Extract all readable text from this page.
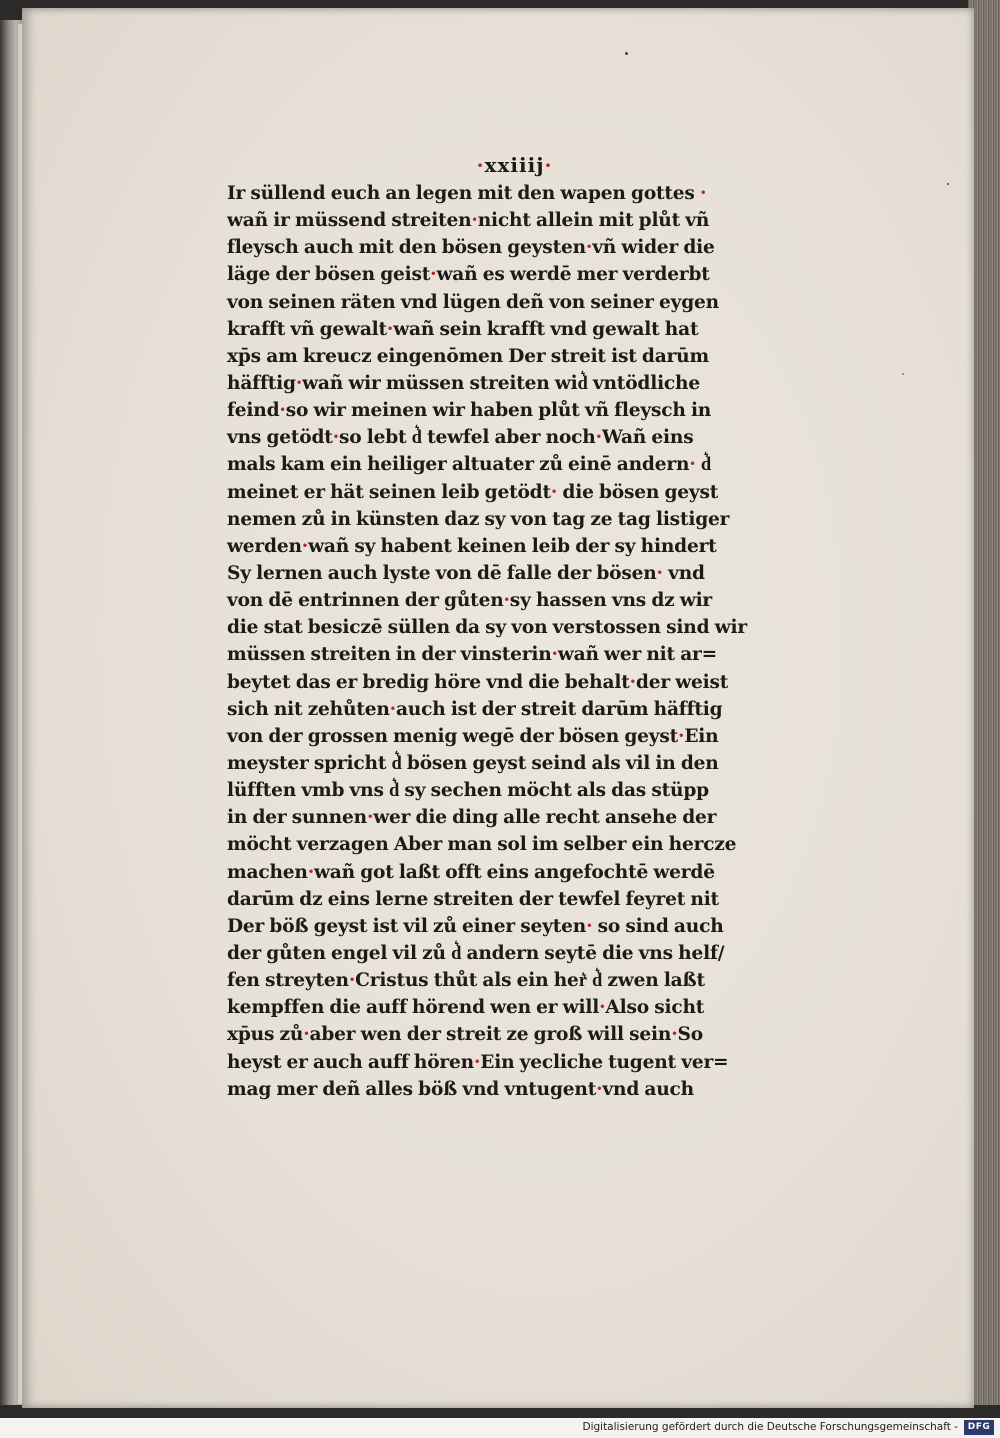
·xxiiij·
Ir süllend euch an legen mit den wapen gottes ·
wañ ir müssend streiten·nicht allein mit plůt vñ
fleysch auch mit den bösen geysten·vñ wider die
läge der bösen geist·wañ es werdē mer verderbt
von seinen räten vnd lügen deñ von seiner eygen
krafft vñ gewalt·wañ sein krafft vnd gewalt hat
xp̄s am kreucz eingenōmen Der streit ist darūm
häfftig·wañ wir müssen streiten wid͛ vntödliche
feind·so wir meinen wir haben plůt vñ fleysch in
vns getödt·so lebt d͛ tewfel aber noch·Wañ eins
mals kam ein heiliger altuater zů einē andern· d͛
meinet er hät seinen leib getödt· die bösen geyst
nemen zů in künsten daz sy von tag ze tag listiger
werden·wañ sy habent keinen leib der sy hindert
Sy lernen auch lyste von dē falle der bösen· vnd
von dē entrinnen der gůten·sy hassen vns dz wir
die stat besiczē süllen da sy von verstossen sind wir
müssen streiten in der vinsterin·wañ wer nit ar=
beytet das er bredig höre vnd die behalt·der weist
sich nit zehůten·auch ist der streit darūm häfftig
von der grossen menig wegē der bösen geyst·Ein
meyster spricht d͛ bösen geyst seind als vil in den
lüfften vmb vns d͛ sy sechen möcht als das stüpp
in der sunnen·wer die ding alle recht ansehe der
möcht verzagen Aber man sol im selber ein hercze
machen·wañ got laßt offt eins angefochtē werdē
darūm dz eins lerne streiten der tewfel feyret nit
Der böß geyst ist vil zů einer seyten· so sind auch
der gůten engel vil zů d͛ andern seytē die vns helf/
fen streyten·Cristus thůt als ein her͛ d͛ zwen laßt
kempffen die auff hörend wen er will·Also sicht
xp̄us zů·aber wen der streit ze groß will sein·So
heyst er auch auff hören·Ein yecliche tugent ver=
mag mer deñ alles böß vnd vntugent·vnd auch
Digitalisierung gefördert durch die Deutsche Forschungsgemeinschaft -	DFG
